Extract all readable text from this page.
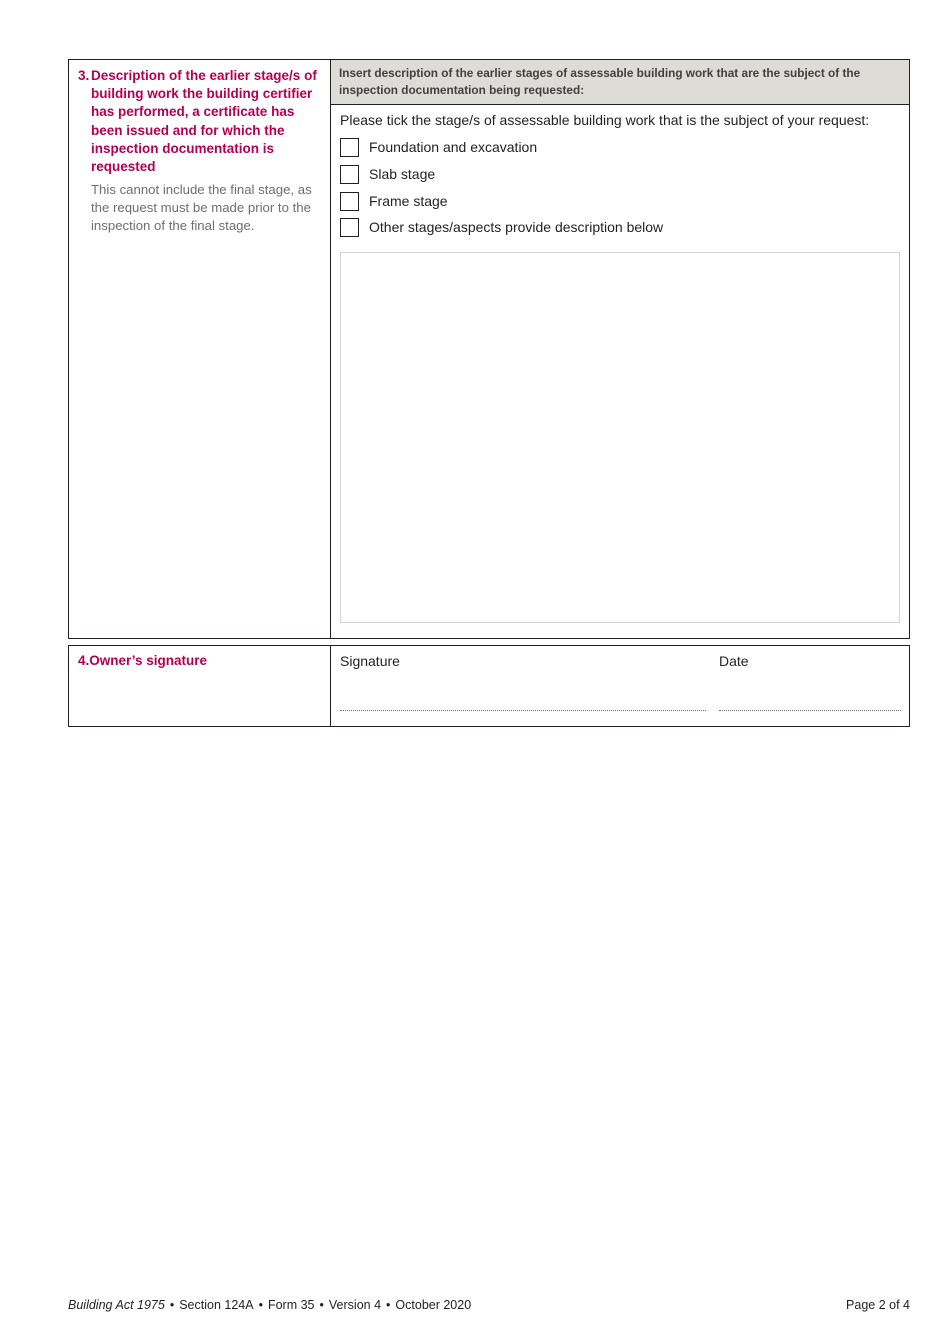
3. Description of the earlier stage/s of building work the building certifier has performed, a certificate has been issued and for which the inspection documentation is requested
This cannot include the final stage, as the request must be made prior to the inspection of the final stage.
Insert description of the earlier stages of assessable building work that are the subject of the inspection documentation being requested:
Please tick the stage/s of assessable building work that is the subject of your request:
Foundation and excavation
Slab stage
Frame stage
Other stages/aspects provide description below
4.Owner’s signature	Signature	Date
Building Act 1975 • Section 124A • Form 35 • Version 4 • October 2020	Page 2 of 4
